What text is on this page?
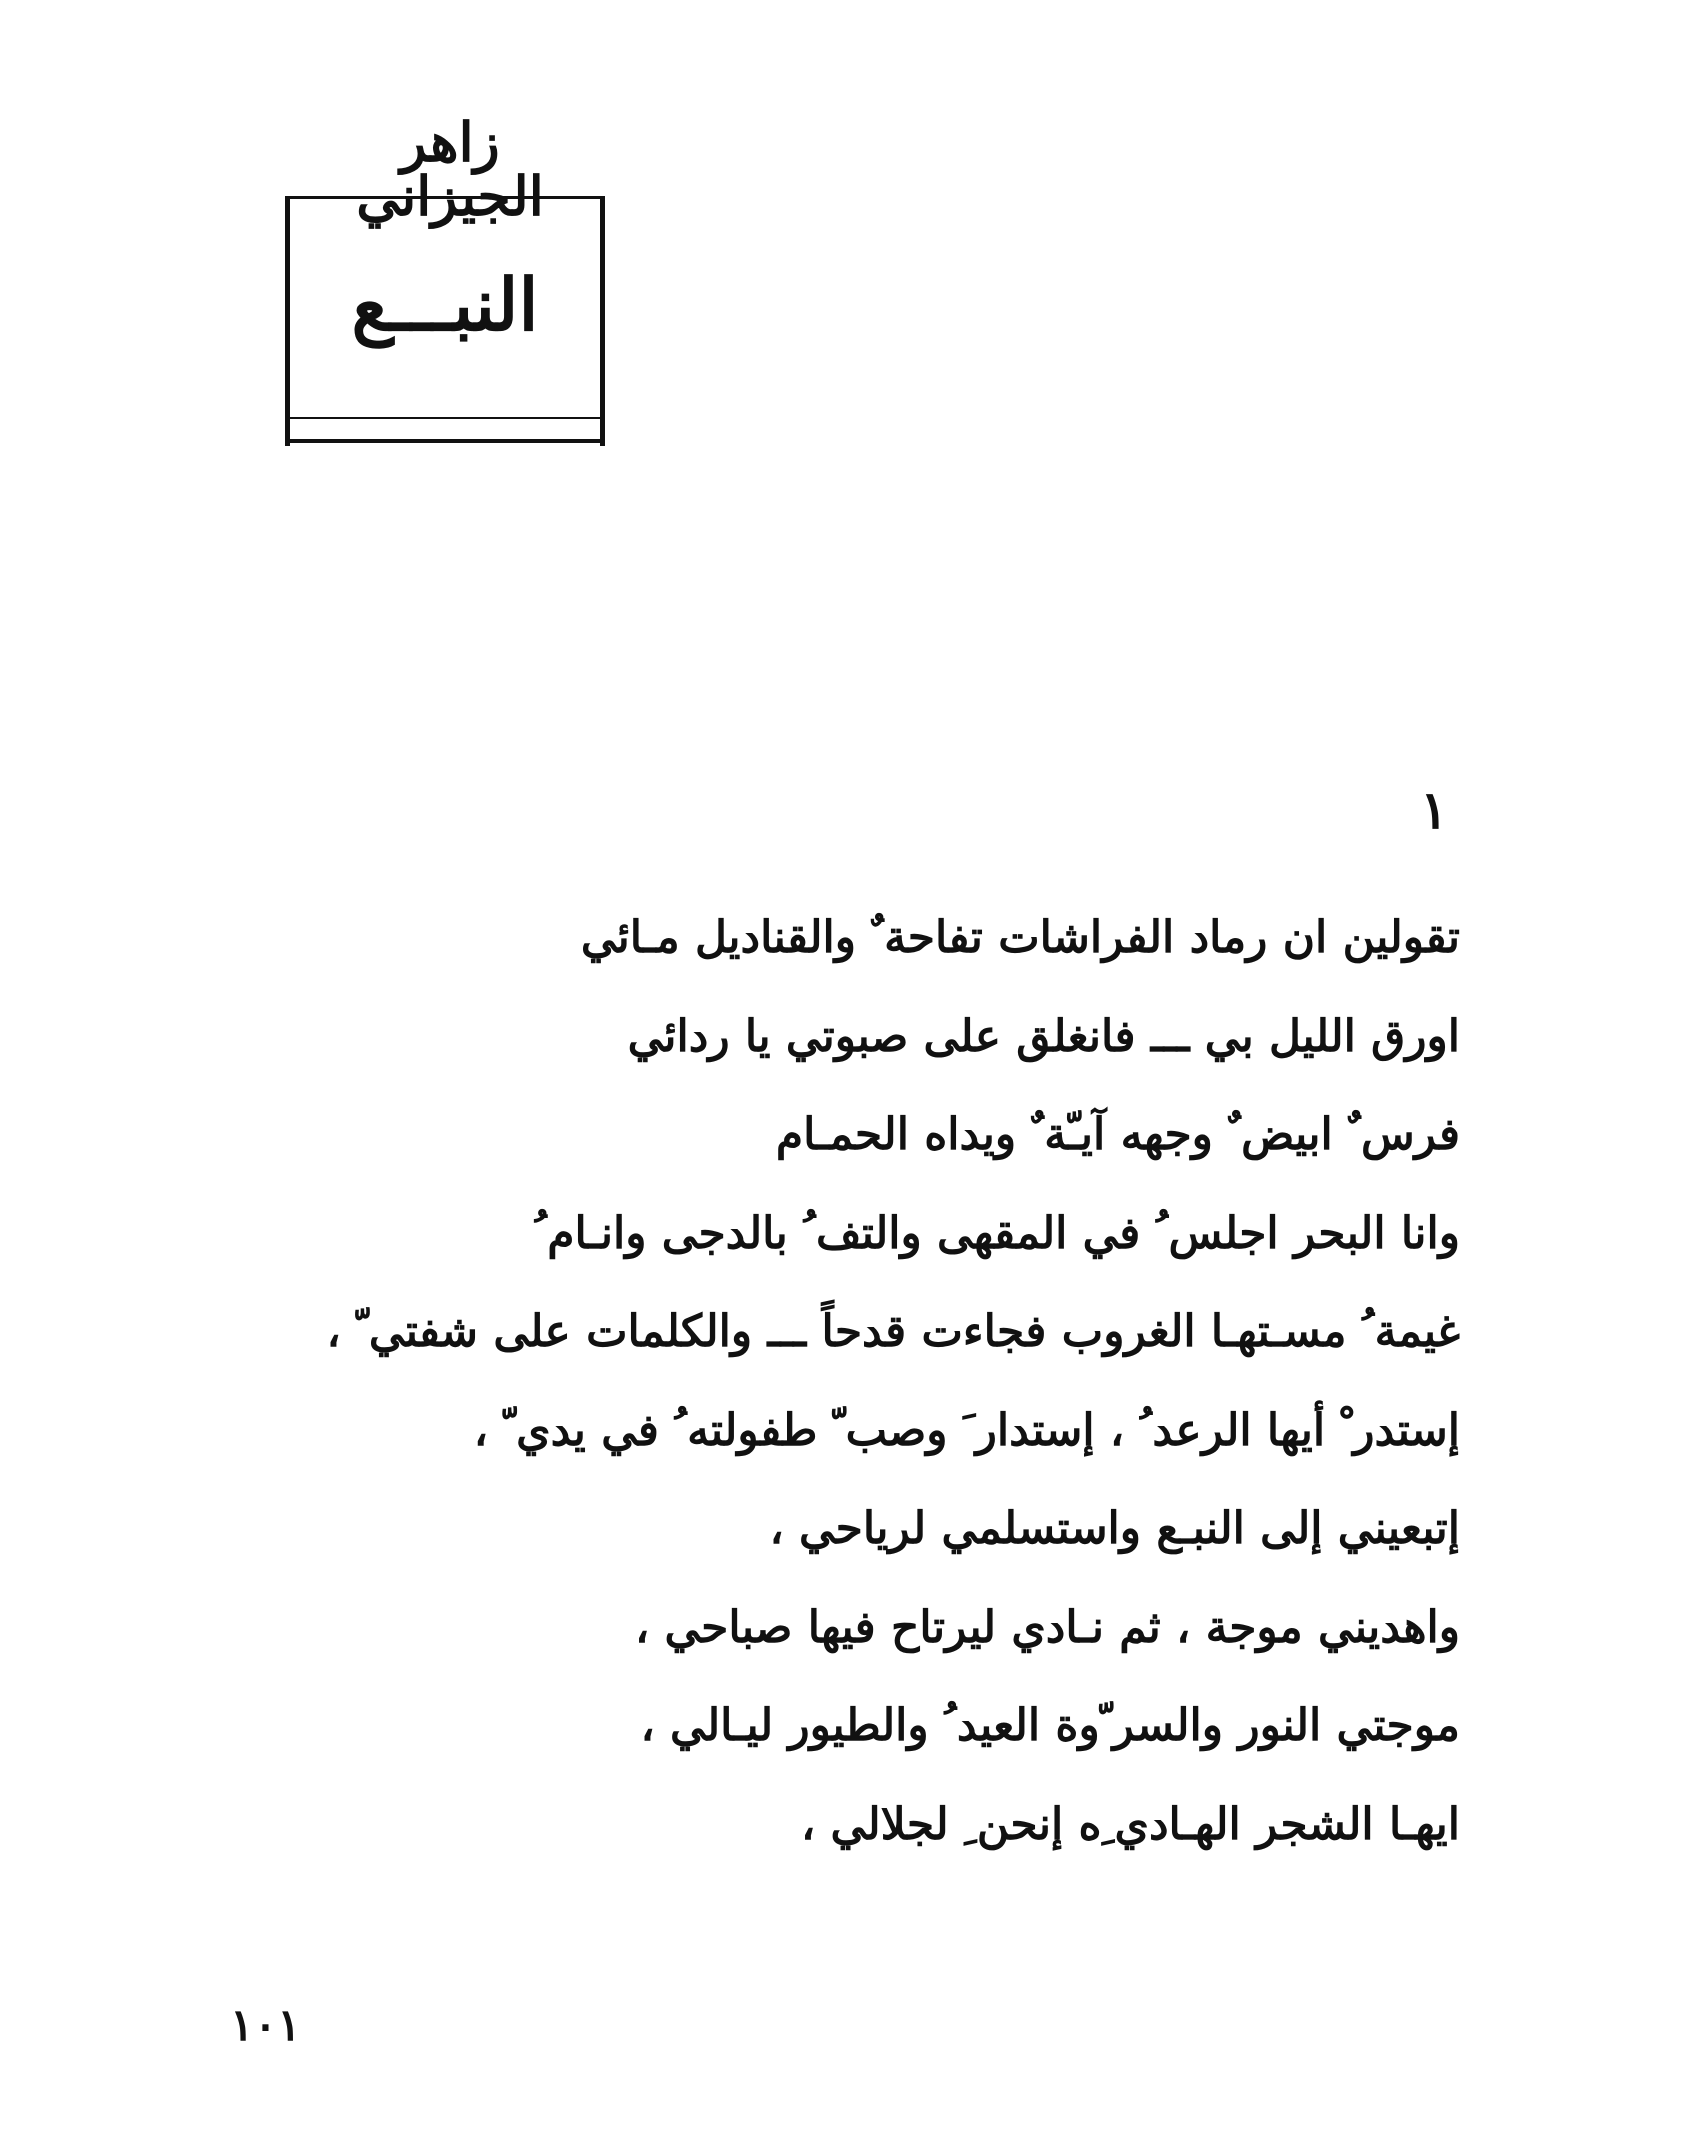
زاهر الجيزاني
النبـــع
١
تقولين ان رماد الفراشات تفاحة ٌ والقناديل مـائي
اورق الليل بي ـــ فانغلق على صبوتي يا ردائي
فرس ٌ ابيض ٌ وجهه آيـّة ٌ ويداه الحمـام
وانا البحر اجلس ُ في المقهى والتف ُ بالدجى وانـام ُ
غيمة ُ مسـتهـا الغروب فجاءت قدحاً ـــ والكلمات على شفتي ّ ،
إستدر ْ أيها الرعد ُ ، إستدار َ وصب ّ طفولته ُ في يدي ّ ،
إتبعيني إلى النبـع واستسلمي لرياحي ،
واهديني موجة ، ثم نـادي ليرتاح فيها صباحي ،
موجتي النور والسر ّوة العيد ُ والطيور ليـالي ،
ايهـا الشجر الهـادي ِه إنحن ِ لجلالي ،
١٠١
